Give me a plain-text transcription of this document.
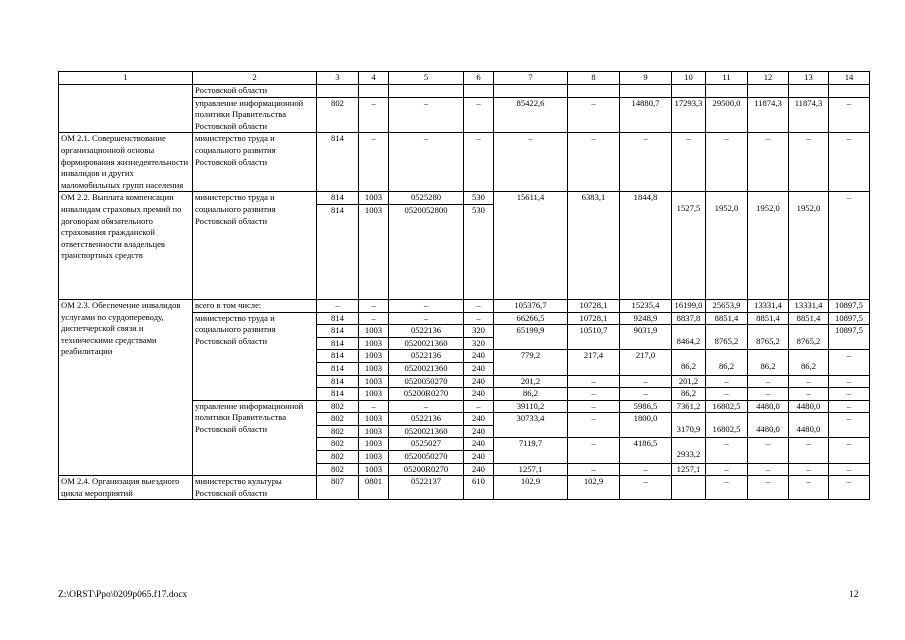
1	2	3	4	5	6	7	8	9	10	11	12	13	14
	Ростовской области												
	управление информационной политики Правительства Ростовской области	802	–	–	–	85422,6	–	14880,7	17293,3	29500,0	11874,3	11874,3	–
ОМ 2.1. Совершенствование организационной основы формирования жизнедеятельности инвалидов и других маломобильных групп населения	министерство труда и социального развития Ростовской области	814	–	–	–	–	–	–	–	–	–	–	–
ОМ 2.2. Выплата компенсации инвалидам страховых премий по договорам обязательного страхования гражданской ответственности владельцев транспортных средств	министерство труда и социального развития Ростовской области	814	1003	0525280	530	15611,4	6383,1	1844,8	1527,5	1952,0	1952,0	1952,0	–
		814	1003	0520052800	530								
ОМ 2.3. Обеспечение инвалидов услугами по сурдопереводу, диспетчерской связи и техническими средствами реабилитации	всего в том числе:	–	–	–	–	105376,7	10728,1	15235,4	16199,0	25653,9	13331,4	13331,4	10897,5
	министерство труда и социального развития Ростовской области	814	–	–	–	66266,5	10728,1	9248,9	8837,8	8851,4	8851,4	8851,4	10897,5
		814	1003	0522136	320	65199,9	10510,7	9031,9	8464,2	8765,2	8765,2	8765,2	10897,5
		814	1003	0520021360	320								
		814	1003	0522136	240	779,2	217,4	217,0	86,2	86,2	86,2	86,2	–
		814	1003	0520021360	240								
		814	1003	0520050270	240	201,2	–	–	201,2	–	–	–	–
		814	1003	05200R0270	240	86,2	–	–	86,2	–	–	–	–
	управление информационной политики Правительства Ростовской области	802	–	–	–	39110,2	–	5986,5	7361,2	16802,5	4480,0	4480,0	–
		802	1003	0522136	240	30733,4	–	1800,0	3170,9	16802,5	4480,0	4480,0	–
		802	1003	0520021360	240								
		802	1003	0525027	240	7119,7	–	4186,5	2933,2	–	–	–	–
		802	1003	0520050270	240								
		802	1003	05200R0270	240	1257,1	–	–	1257,1	–	–	–	–
ОМ 2.4. Организация выездного цикла мероприятий	министерство культуры Ростовской области	807	0801	0522137	610	102,9	102,9	–		–	–	–	–
Z:\ORST\Ppo\0209p065.f17.docx	12
